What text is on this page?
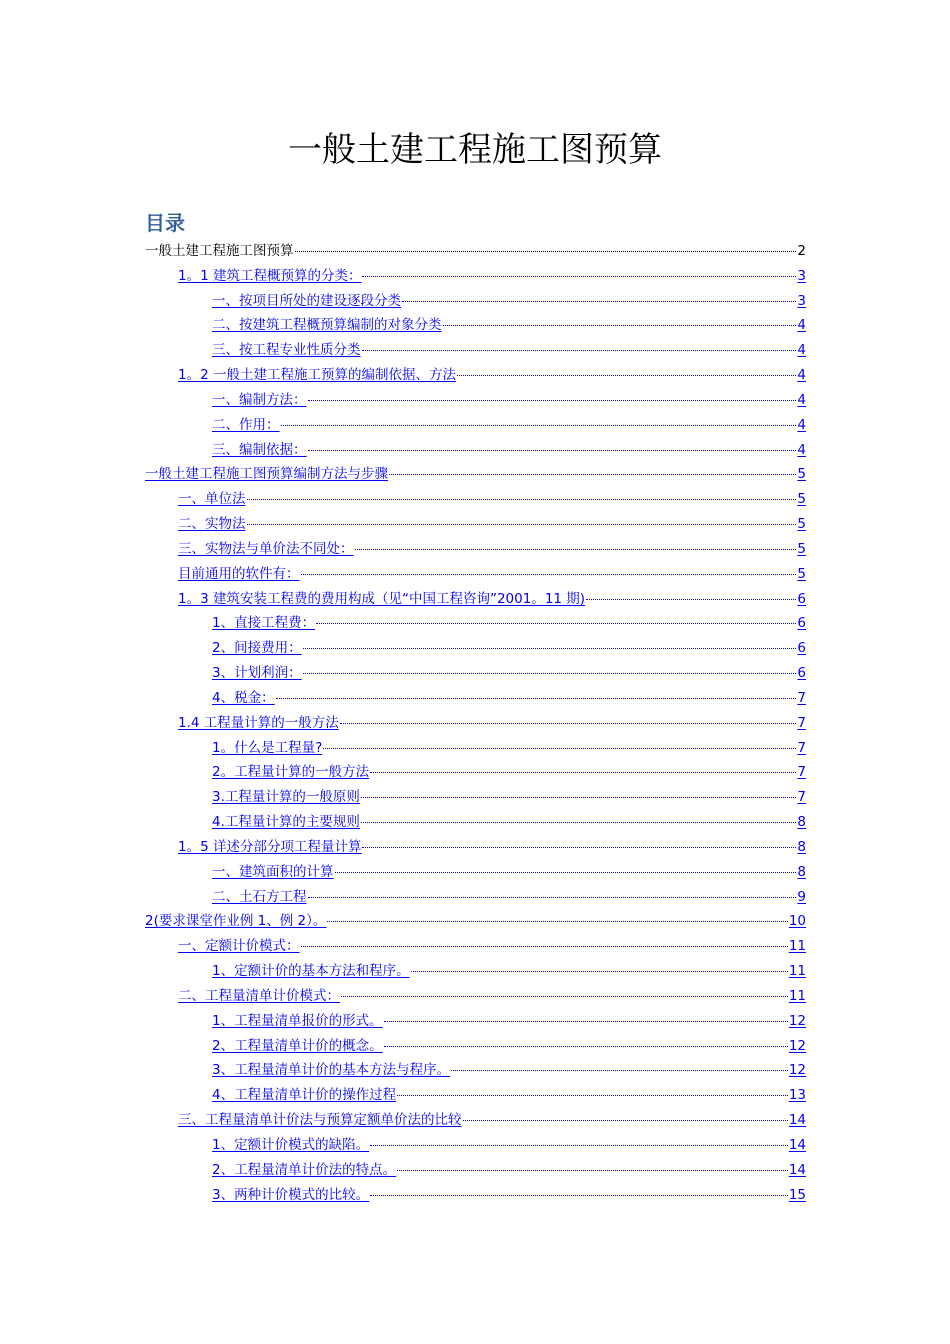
一般土建工程施工图预算
目录
一般土建工程施工图预算	2
1。1 建筑工程概预算的分类：	3
一、按项目所处的建设逐段分类	3
二、按建筑工程概预算编制的对象分类	4
三、按工程专业性质分类	4
1。2 一般土建工程施工预算的编制依据、方法	4
一、编制方法：	4
二、作用：	4
三、编制依据：	4
一般土建工程施工图预算编制方法与步骤	5
一、单位法	5
二、实物法	5
三、实物法与单价法不同处：	5
目前通用的软件有：	5
1。3 建筑安装工程费的费用构成（见“中国工程咨询”2001。11 期)	6
1、直接工程费：	6
2、间接费用：	6
3、计划利润：	6
4、税金：	7
1.4 工程量计算的一般方法	7
1。什么是工程量?	7
2。工程量计算的一般方法	7
3.工程量计算的一般原则	7
4.工程量计算的主要规则	8
1。5 详述分部分项工程量计算	8
一、建筑面积的计算	8
二、土石方工程	9
2(要求课堂作业例 1、例 2）。	10
一、定额计价模式：	11
1、定额计价的基本方法和程序。	11
二、工程量清单计价模式：	11
1、工程量清单报价的形式。	12
2、工程量清单计价的概念。	12
3、工程量清单计价的基本方法与程序。	12
4、工程量清单计价的操作过程	13
三、工程量清单计价法与预算定额单价法的比较	14
1、定额计价模式的缺陷。	14
2、工程量清单计价法的特点。	14
3、两种计价模式的比较。	15
